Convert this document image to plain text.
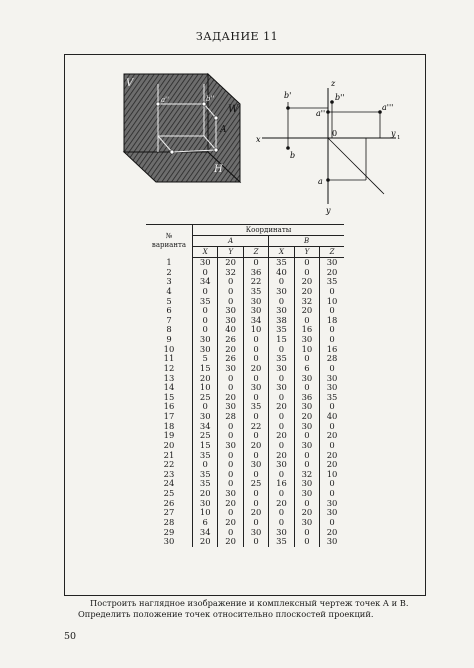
ЗАДАНИЕ 11
V
H
W
A
a''	b''	b'	b''
a''
a'''
z
x
0	y 1
b
a
y
№
варианта	Координаты					
	A			B		
	X	Y	Z	X	Y	Z
1	30	20	0	35	0	30
2	0	32	36	40	0	20
3	34	0	22	0	20	35
4	0	0	35	30	20	0
5	35	0	30	0	32	10
6	0	30	30	30	20	0
7	0	30	34	38	0	18
8	0	40	10	35	16	0
9	30	26	0	15	30	0
10	30	20	0	0	10	16
11	5	26	0	35	0	28
12	15	30	20	30	6	0
13	20	0	0	0	30	30
14	10	0	30	30	0	30
15	25	20	0	0	36	35
16	0	30	35	20	30	0
17	30	28	0	0	20	40
18	34	0	22	0	30	0
19	25	0	0	20	0	20
20	15	30	20	0	30	0
21	35	0	0	20	0	20
22	0	0	30	30	0	20
23	35	0	0	0	32	10
24	35	0	25	16	30	0
25	20	30	0	0	30	0
26	30	20	0	20	0	30
27	10	0	20	0	20	30
28	6	20	0	0	30	0
29	34	0	30	30	0	20
30	20	20	0	35	0	30
Построить наглядное изображение и комплексный чертеж точек A и B. Определить положение точек относительно плоскостей проекций.
50
